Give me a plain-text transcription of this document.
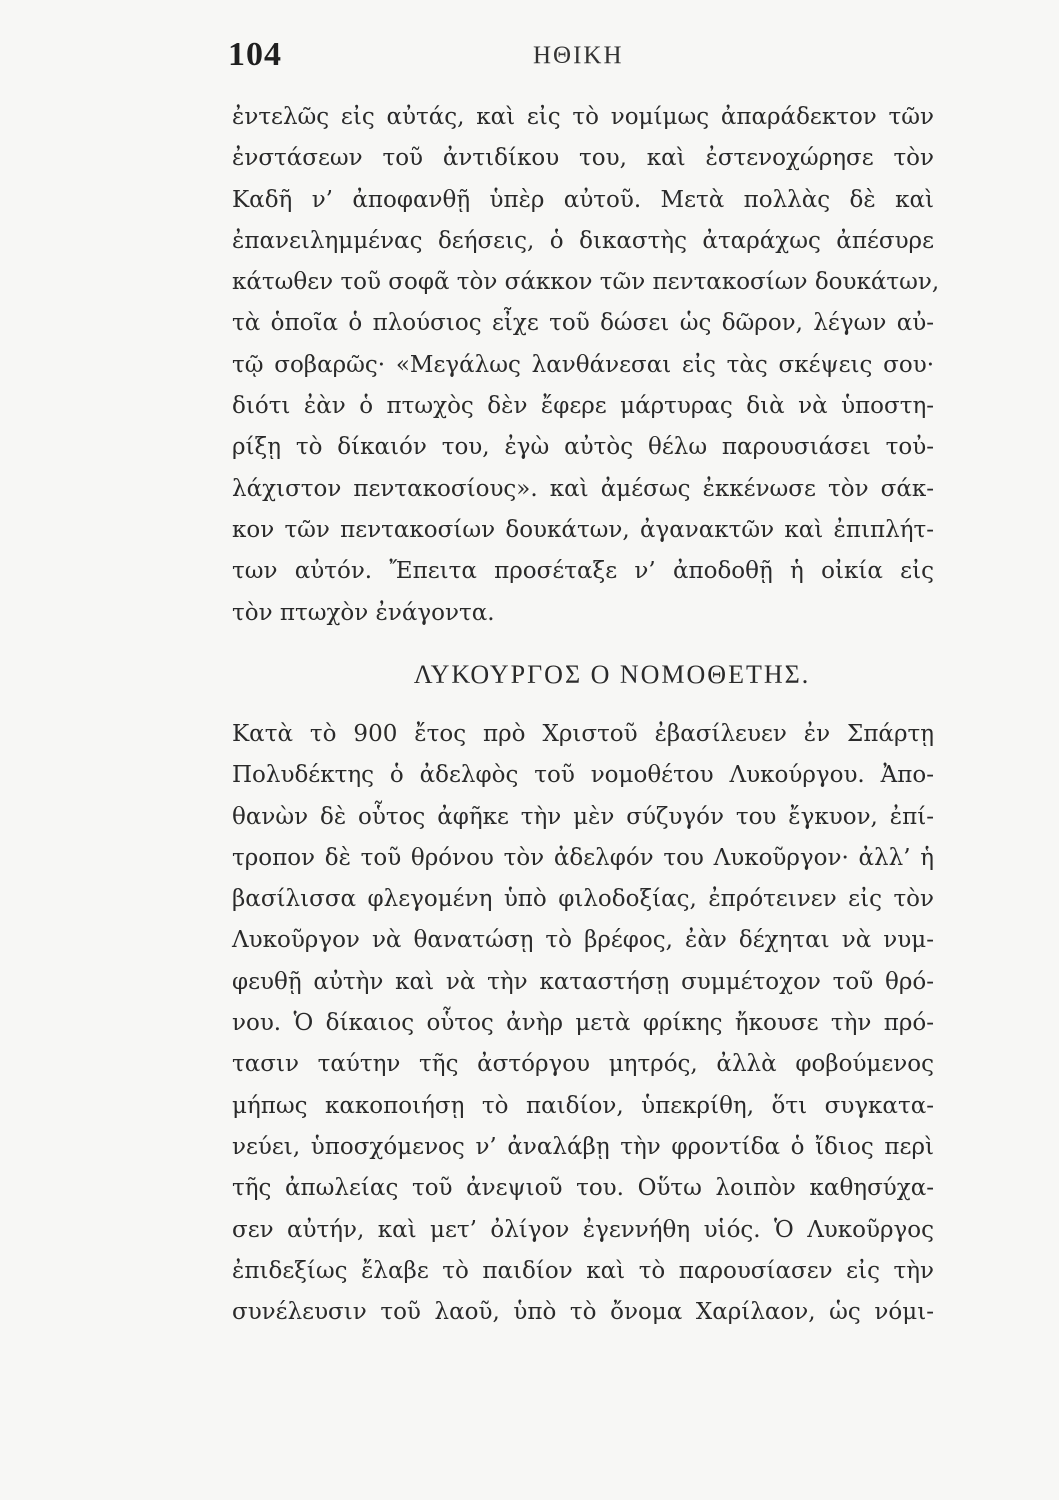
104	ΗΘΙΚΗ
ἐντελῶς εἰς αὐτάς, καὶ εἰς τὸ νομίμως ἀπαράδεκτον τῶν
ἐνστάσεων τοῦ ἀντιδίκου του, καὶ ἐστενοχώρησε τὸν
Καδῆ ν’ ἀποφανθῇ ὑπὲρ αὐτοῦ. Μετὰ πολλὰς δὲ καὶ
ἐπανειλημμένας δεήσεις, ὁ δικαστὴς ἀταράχως ἀπέσυρε
κάτωθεν τοῦ σοφᾶ τὸν σάκκον τῶν πεντακοσίων δουκάτων,
τὰ ὁποῖα ὁ πλούσιος εἶχε τοῦ δώσει ὡς δῶρον, λέγων αὐ-
τῷ σοβαρῶς· «Μεγάλως λανθάνεσαι εἰς τὰς σκέψεις σου·
διότι ἐὰν ὁ πτωχὸς δὲν ἔφερε μάρτυρας διὰ νὰ ὑποστη-
ρίξῃ τὸ δίκαιόν του, ἐγὼ αὐτὸς θέλω παρουσιάσει τοὐ-
λάχιστον πεντακοσίους». καὶ ἀμέσως ἐκκένωσε τὸν σάκ-
κον τῶν πεντακοσίων δουκάτων, ἀγανακτῶν καὶ ἐπιπλήτ-
των αὐτόν. Ἔπειτα προσέταξε ν’ ἀποδοθῇ ἡ οἰκία εἰς
τὸν πτωχὸν ἐνάγοντα.
ΛΥΚΟΥΡΓΟΣ Ο ΝΟΜΟΘΕΤΗΣ.
Κατὰ τὸ 900 ἔτος πρὸ Χριστοῦ ἐβασίλευεν ἐν Σπάρτῃ
Πολυδέκτης ὁ ἀδελφὸς τοῦ νομοθέτου Λυκούργου. Ἀπο-
θανὼν δὲ οὗτος ἀφῆκε τὴν μὲν σύζυγόν του ἔγκυον, ἐπί-
τροπον δὲ τοῦ θρόνου τὸν ἀδελφόν του Λυκοῦργον· ἀλλ’ ἡ
βασίλισσα φλεγομένη ὑπὸ φιλοδοξίας, ἐπρότεινεν εἰς τὸν
Λυκοῦργον νὰ θανατώσῃ τὸ βρέφος, ἐὰν δέχηται νὰ νυμ-
φευθῇ αὐτὴν καὶ νὰ τὴν καταστήσῃ συμμέτοχον τοῦ θρό-
νου. Ὁ δίκαιος οὗτος ἀνὴρ μετὰ φρίκης ἤκουσε τὴν πρό-
τασιν ταύτην τῆς ἀστόργου μητρός, ἀλλὰ φοβούμενος
μήπως κακοποιήσῃ τὸ παιδίον, ὑπεκρίθη, ὅτι συγκατα-
νεύει, ὑποσχόμενος ν’ ἀναλάβῃ τὴν φροντίδα ὁ ἴδιος περὶ
τῆς ἀπωλείας τοῦ ἀνεψιοῦ του. Οὕτω λοιπὸν καθησύχα-
σεν αὐτήν, καὶ μετ’ ὀλίγον ἐγεννήθη υἱός. Ὁ Λυκοῦργος
ἐπιδεξίως ἔλαβε τὸ παιδίον καὶ τὸ παρουσίασεν εἰς τὴν
συνέλευσιν τοῦ λαοῦ, ὑπὸ τὸ ὄνομα Χαρίλαον, ὡς νόμι-
